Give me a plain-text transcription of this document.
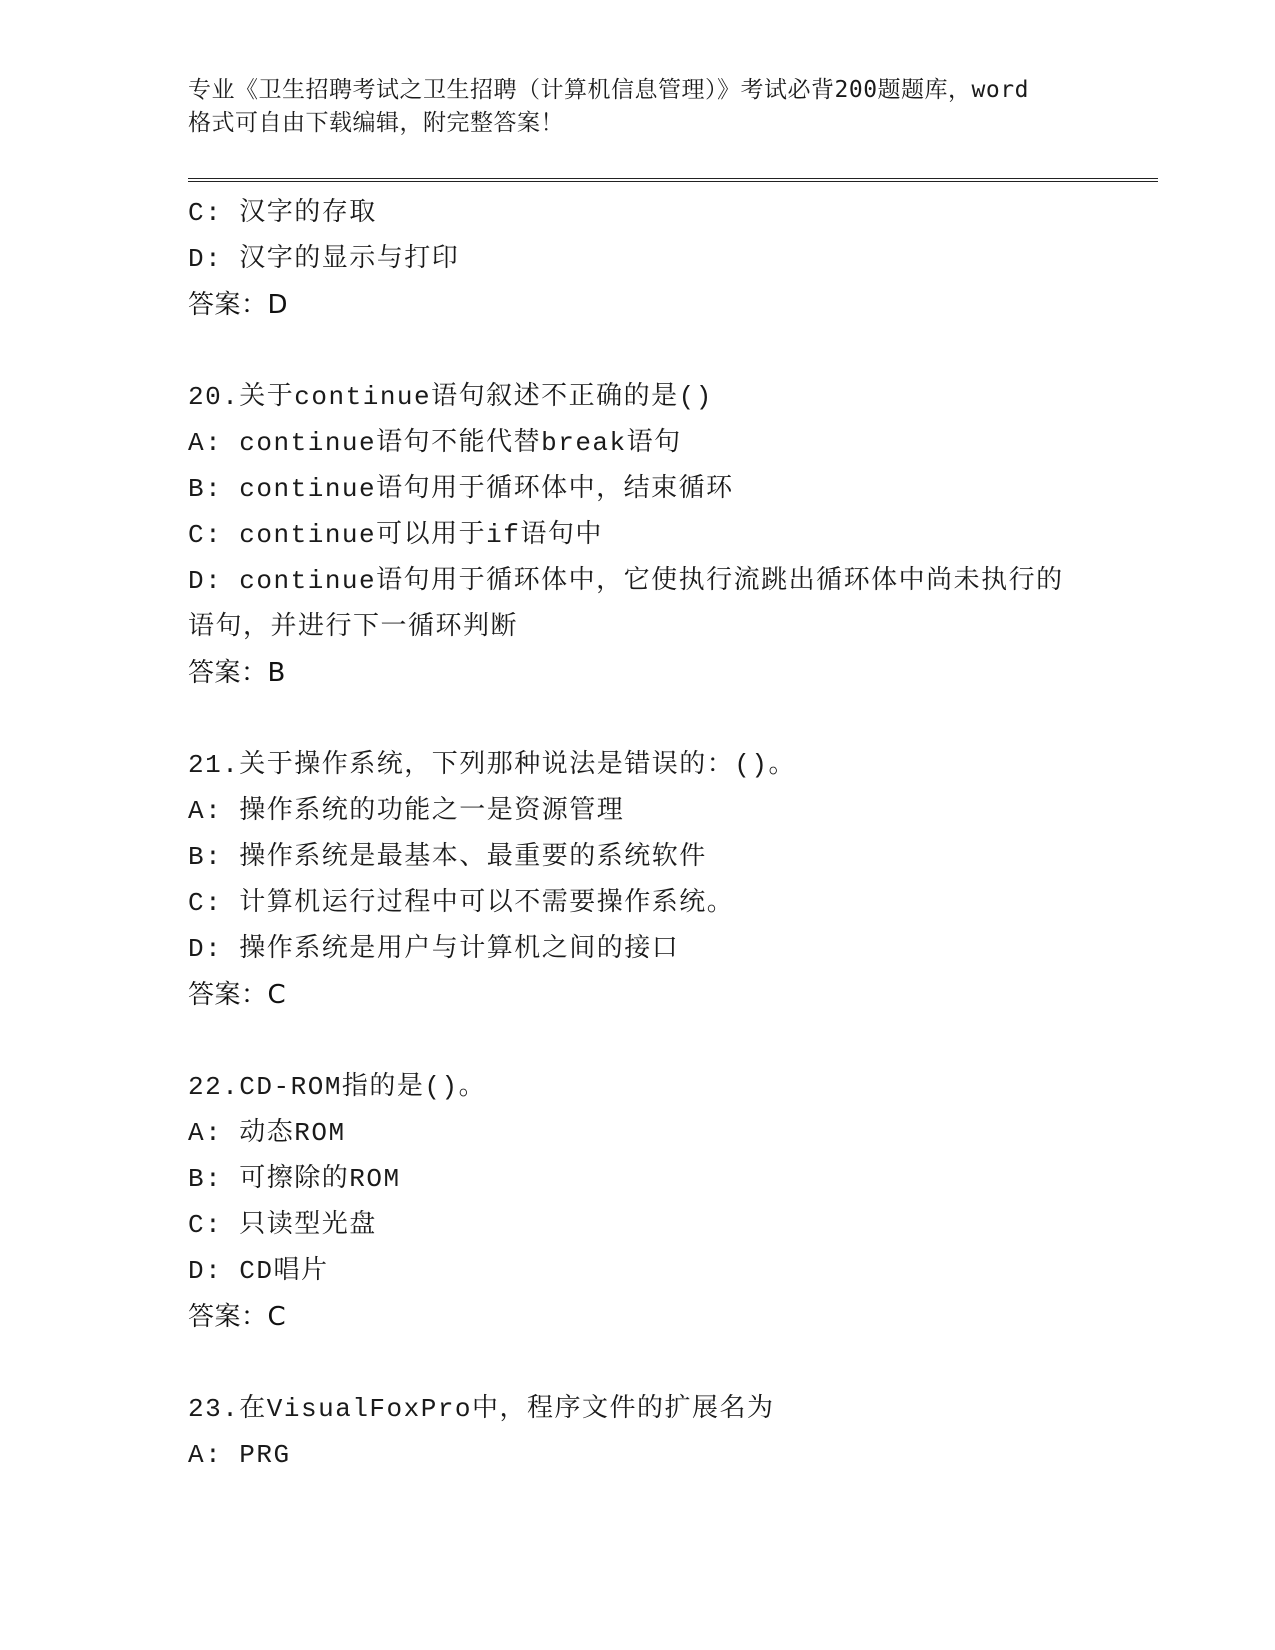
专业《卫生招聘考试之卫生招聘（计算机信息管理）》考试必背200题题库，word
格式可自由下载编辑，附完整答案！
C: 汉字的存取
D: 汉字的显示与打印
答案：D
20.关于continue语句叙述不正确的是()
A: continue语句不能代替break语句
B: continue语句用于循环体中，结束循环
C: continue可以用于if语句中
D: continue语句用于循环体中，它使执行流跳出循环体中尚未执行的
语句，并进行下一循环判断
答案：B
21.关于操作系统，下列那种说法是错误的：()。
A: 操作系统的功能之一是资源管理
B: 操作系统是最基本、最重要的系统软件
C: 计算机运行过程中可以不需要操作系统。
D: 操作系统是用户与计算机之间的接口
答案：C
22.CD-ROM指的是()。
A: 动态ROM
B: 可擦除的ROM
C: 只读型光盘
D: CD唱片
答案：C
23.在VisualFoxPro中，程序文件的扩展名为
A: PRG
